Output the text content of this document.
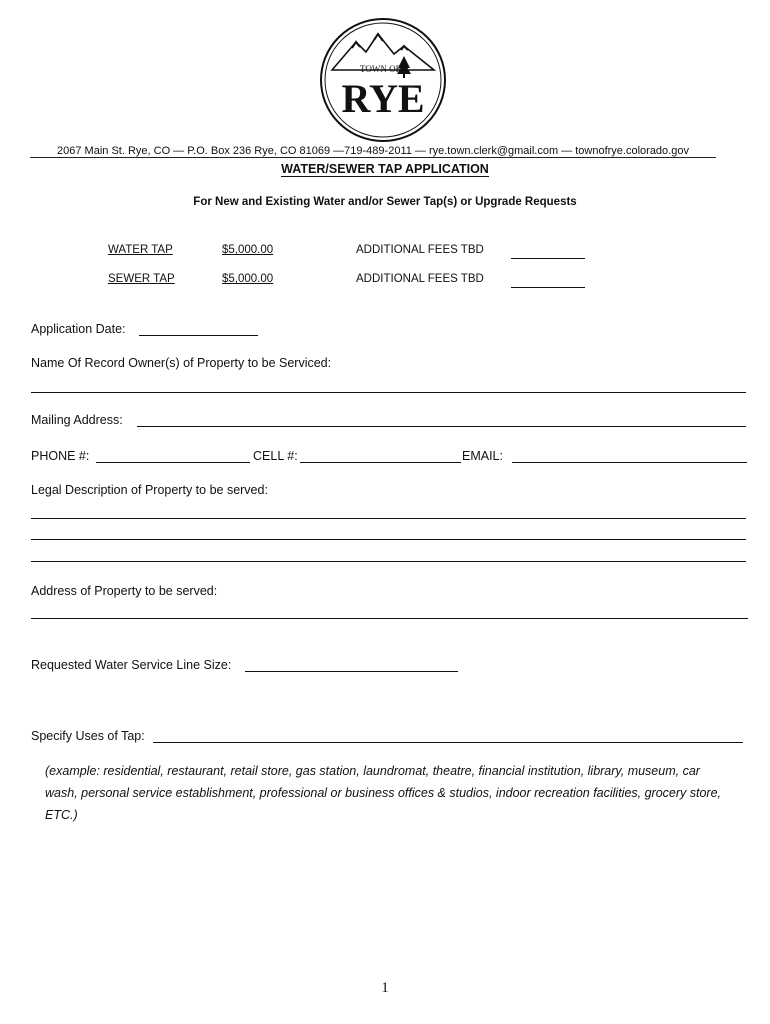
TOWN OF
RYE
2067 Main St. Rye, CO — P.O. Box 236 Rye, CO 81069 —719-489-2011 — rye.town.clerk@gmail.com — townofrye.colorado.gov
WATER/SEWER TAP APPLICATION
For New and Existing Water and/or Sewer Tap(s) or Upgrade Requests
WATER TAP	$5,000.00	ADDITIONAL FEES TBD
SEWER TAP	$5,000.00	ADDITIONAL FEES TBD
Application Date:
Name Of Record Owner(s) of Property to be Serviced:
Mailing Address:
PHONE #:	CELL #:	EMAIL:
Legal Description of Property to be served:
Address of Property to be served:
Requested Water Service Line Size:
Specify Uses of Tap:
(example: residential, restaurant, retail store, gas station, laundromat, theatre, financial institution, library, museum, car wash, personal service establishment, professional or business offices & studios, indoor recreation facilities, grocery store, ETC.)
1
